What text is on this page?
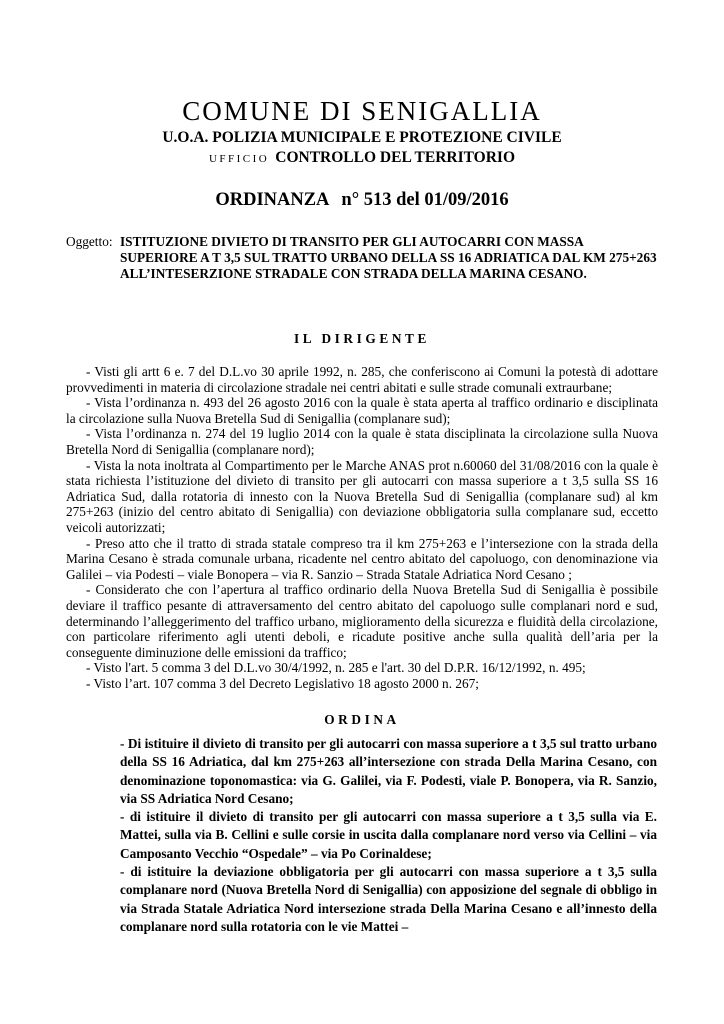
COMUNE DI SENIGALLIA
U.O.A. POLIZIA MUNICIPALE E PROTEZIONE CIVILE
UFFICIO CONTROLLO DEL TERRITORIO
ORDINANZA n° 513 del 01/09/2016
Oggetto: ISTITUZIONE DIVIETO DI TRANSITO PER GLI AUTOCARRI CON MASSA SUPERIORE A T 3,5 SUL TRATTO URBANO DELLA SS 16 ADRIATICA DAL KM 275+263 ALL’INTESERZIONE STRADALE CON STRADA DELLA MARINA CESANO.
IL DIRIGENTE

- Visti gli artt 6 e. 7 del D.L.vo 30 aprile 1992, n. 285, che conferiscono ai Comuni la potestà di adottare provvedimenti in materia di circolazione stradale nei centri abitati e sulle strade comunali extraurbane;

- Vista l’ordinanza n. 493 del 26 agosto 2016 con la quale è stata aperta al traffico ordinario e disciplinata la circolazione sulla Nuova Bretella Sud di Senigallia (complanare sud);

- Vista l’ordinanza n. 274 del 19 luglio 2014 con la quale è stata disciplinata la circolazione sulla Nuova Bretella Nord di Senigallia (complanare nord);

- Vista la nota inoltrata al Compartimento per le Marche ANAS prot n.60060 del 31/08/2016 con la quale è stata richiesta l’istituzione del divieto di transito per gli autocarri con massa superiore a t 3,5 sulla SS 16 Adriatica Sud, dalla rotatoria di innesto con la Nuova Bretella Sud di Senigallia (complanare sud) al km 275+263 (inizio del centro abitato di Senigallia) con deviazione obbligatoria sulla complanare sud, eccetto veicoli autorizzati;

- Preso atto che il tratto di strada statale compreso tra il km 275+263 e l’intersezione con la strada della Marina Cesano è strada comunale urbana, ricadente nel centro abitato del capoluogo, con denominazione via Galilei – via Podesti – viale Bonopera – via R. Sanzio – Strada Statale Adriatica Nord Cesano ;

- Considerato che con l’apertura al traffico ordinario della Nuova Bretella Sud di Senigallia è possibile deviare il traffico pesante di attraversamento del centro abitato del capoluogo sulle complanari nord e sud, determinando l’alleggerimento del traffico urbano, miglioramento della sicurezza e fluidità della circolazione, con particolare riferimento agli utenti deboli, e ricadute positive anche sulla qualità dell’aria per la conseguente diminuzione delle emissioni da traffico;

- Visto l'art. 5 comma 3 del D.L.vo 30/4/1992, n. 285 e l'art. 30 del D.P.R. 16/12/1992, n. 495;

- Visto l’art. 107 comma 3 del Decreto Legislativo 18 agosto 2000 n. 267;

ORDINA

- Di istituire il divieto di transito per gli autocarri con massa superiore a t 3,5 sul tratto urbano della SS 16 Adriatica, dal km 275+263 all’intersezione con strada Della Marina Cesano, con denominazione toponomastica: via G. Galilei, via F. Podesti, viale P. Bonopera, via R. Sanzio, via SS Adriatica Nord Cesano;

- di istituire il divieto di transito per gli autocarri con massa superiore a t 3,5 sulla via E. Mattei, sulla via B. Cellini e sulle corsie in uscita dalla complanare nord verso via Cellini – via Camposanto Vecchio “Ospedale” – via Po Corinaldese;

- di istituire la deviazione obbligatoria per gli autocarri con massa superiore a t 3,5 sulla complanare nord (Nuova Bretella Nord di Senigallia) con apposizione del segnale di obbligo in via Strada Statale Adriatica Nord intersezione strada Della Marina Cesano e all’innesto della complanare nord sulla rotatoria con le vie Mattei –
